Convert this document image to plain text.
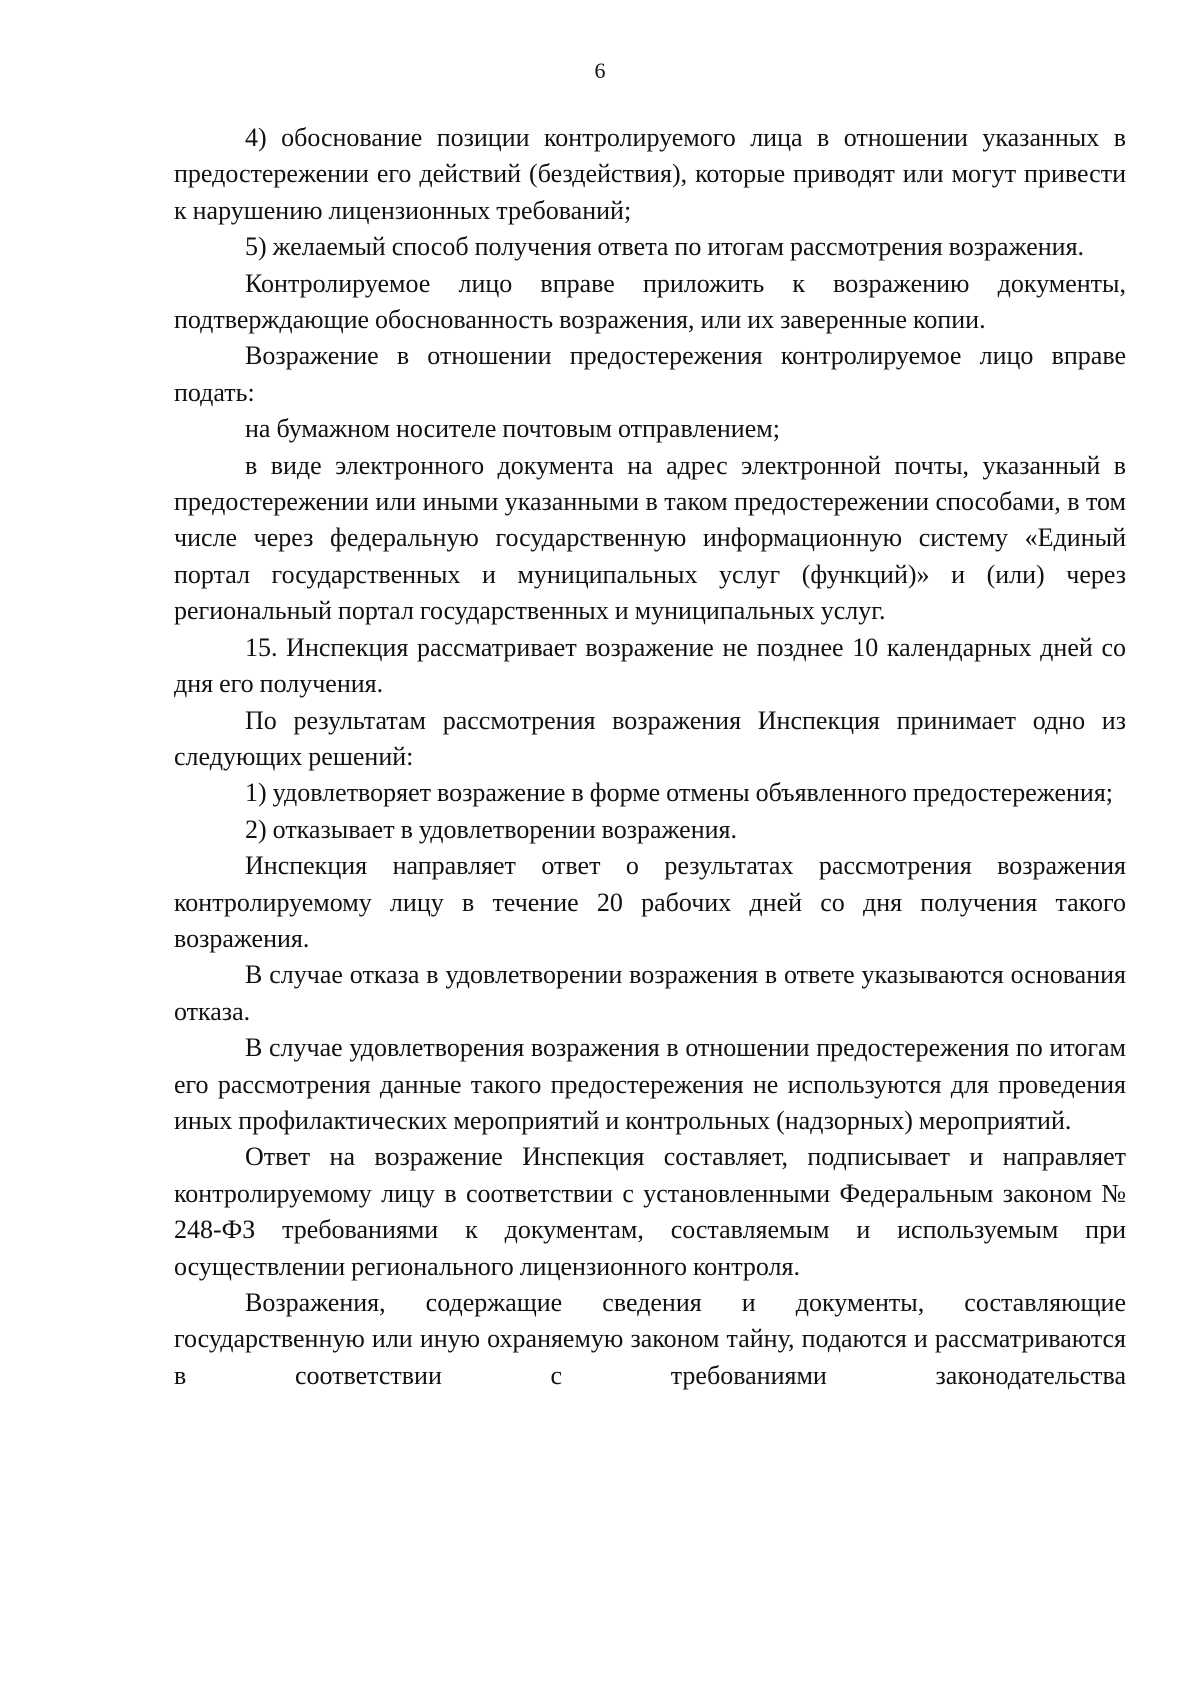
6

4) обоснование позиции контролируемого лица в отношении указанных в предостережении его действий (бездействия), которые приводят или могут привести к нарушению лицензионных требований;

5) желаемый способ получения ответа по итогам рассмотрения возражения.

Контролируемое лицо вправе приложить к возражению документы, подтверждающие обоснованность возражения, или их заверенные копии.

Возражение в отношении предостережения контролируемое лицо вправе подать:

на бумажном носителе почтовым отправлением;

в виде электронного документа на адрес электронной почты, указанный в предостережении или иными указанными в таком предостережении способами, в том числе через федеральную государственную информационную систему «Единый портал государственных и муниципальных услуг (функций)» и (или) через региональный портал государственных и муниципальных услуг.

15. Инспекция рассматривает возражение не позднее 10 календарных дней со дня его получения.

По результатам рассмотрения возражения Инспекция принимает одно из следующих решений:

1) удовлетворяет возражение в форме отмены объявленного предостережения;

2) отказывает в удовлетворении возражения.

Инспекция направляет ответ о результатах рассмотрения возражения контролируемому лицу в течение 20 рабочих дней со дня получения такого возражения.

В случае отказа в удовлетворении возражения в ответе указываются основания отказа.

В случае удовлетворения возражения в отношении предостережения по итогам его рассмотрения данные такого предостережения не используются для проведения иных профилактических мероприятий и контрольных (надзорных) мероприятий.

Ответ на возражение Инспекция составляет, подписывает и направляет контролируемому лицу в соответствии с установленными Федеральным законом № 248-ФЗ требованиями к документам, составляемым и используемым при осуществлении регионального лицензионного контроля.

Возражения, содержащие сведения и документы, составляющие государственную или иную охраняемую законом тайну, подаются и рассматриваются в соответствии с требованиями законодательства
